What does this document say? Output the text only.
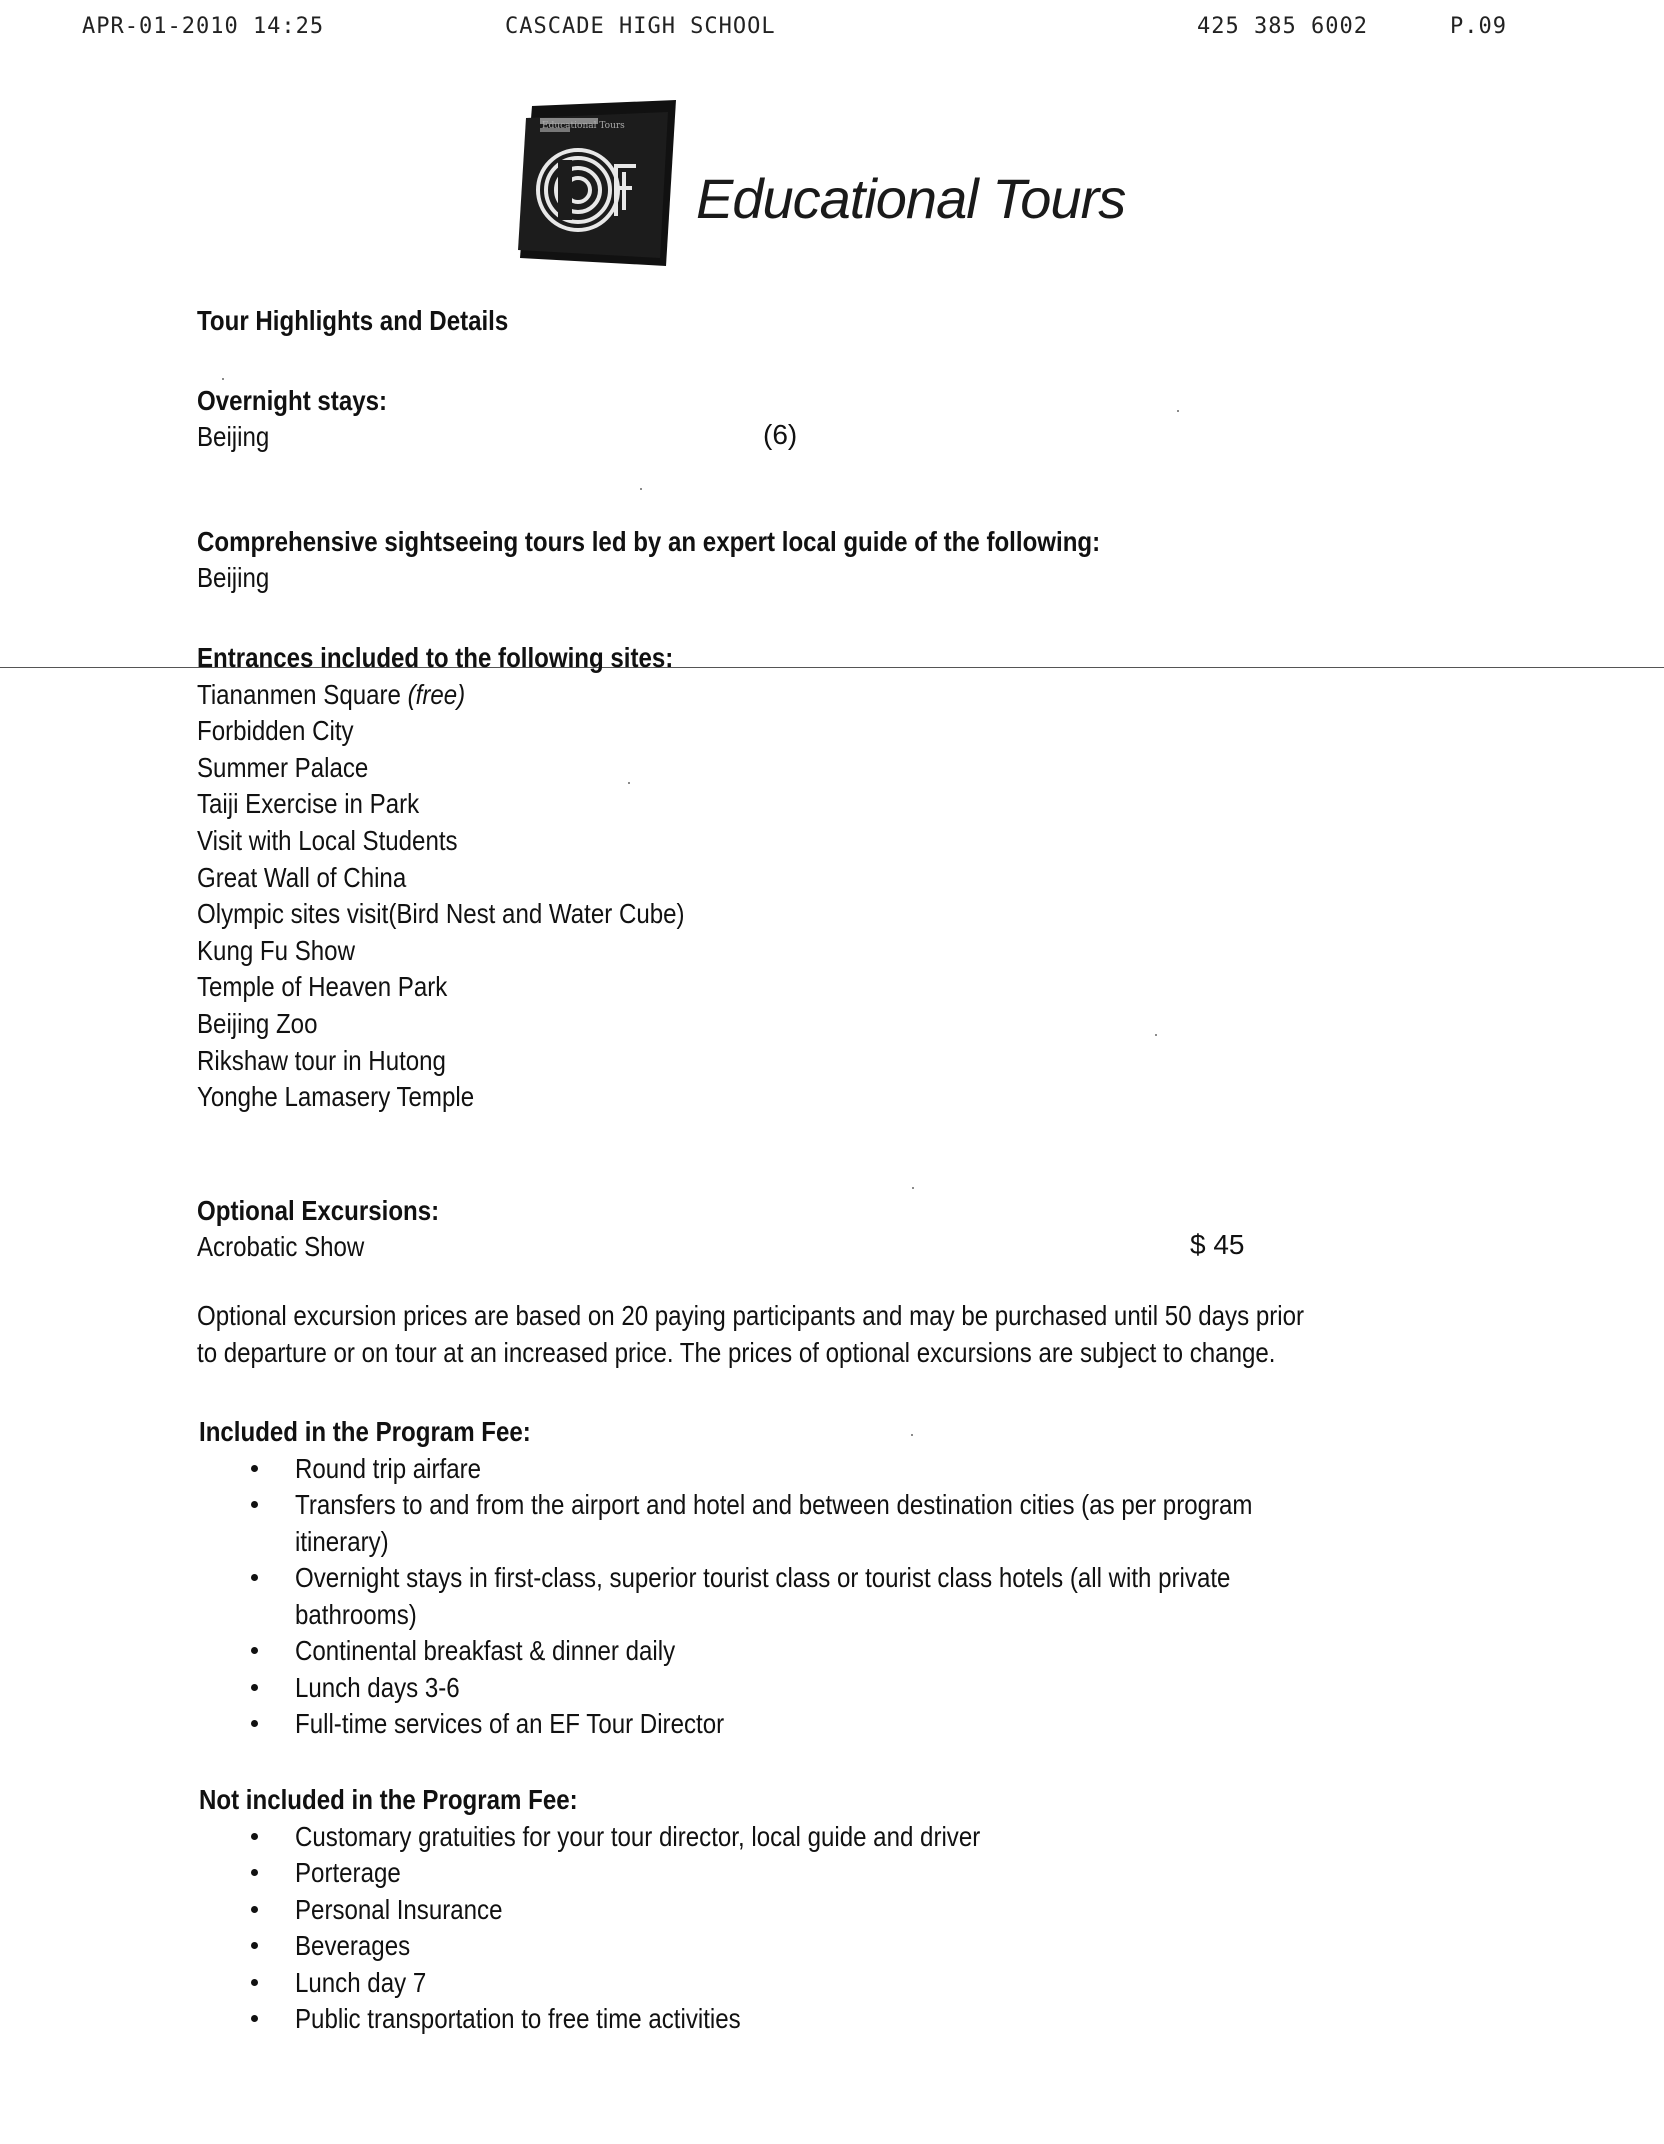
APR-01-2010 14:25	CASCADE HIGH SCHOOL	425 385 6002	P.09
Educational Tours
Educational Tours

Tour Highlights and Details

Overnight stays:

Beijing	(6)

Comprehensive sightseeing tours led by an expert local guide of the following:

Beijing

Entrances included to the following sites:

Tiananmen Square (free)

Forbidden City

Summer Palace

Taiji Exercise in Park

Visit with Local Students

Great Wall of China

Olympic sites visit(Bird Nest and Water Cube)

Kung Fu Show

Temple of Heaven Park

Beijing Zoo

Rikshaw tour in Hutong

Yonghe Lamasery Temple

Optional Excursions:

Acrobatic Show	$ 45

Optional excursion prices are based on 20 paying participants and may be purchased until 50 days prior

to departure or on tour at an increased price. The prices of optional excursions are subject to change.

Included in the Program Fee:

Round trip airfare
Transfers to and from the airport and hotel and between destination cities (as per program
itinerary)
Overnight stays in first-class, superior tourist class or tourist class hotels (all with private
bathrooms)
Continental breakfast & dinner daily
Lunch days 3-6
Full-time services of an EF Tour Director

Not included in the Program Fee:

Customary gratuities for your tour director, local guide and driver
Porterage
Personal Insurance
Beverages
Lunch day 7
Public transportation to free time activities
